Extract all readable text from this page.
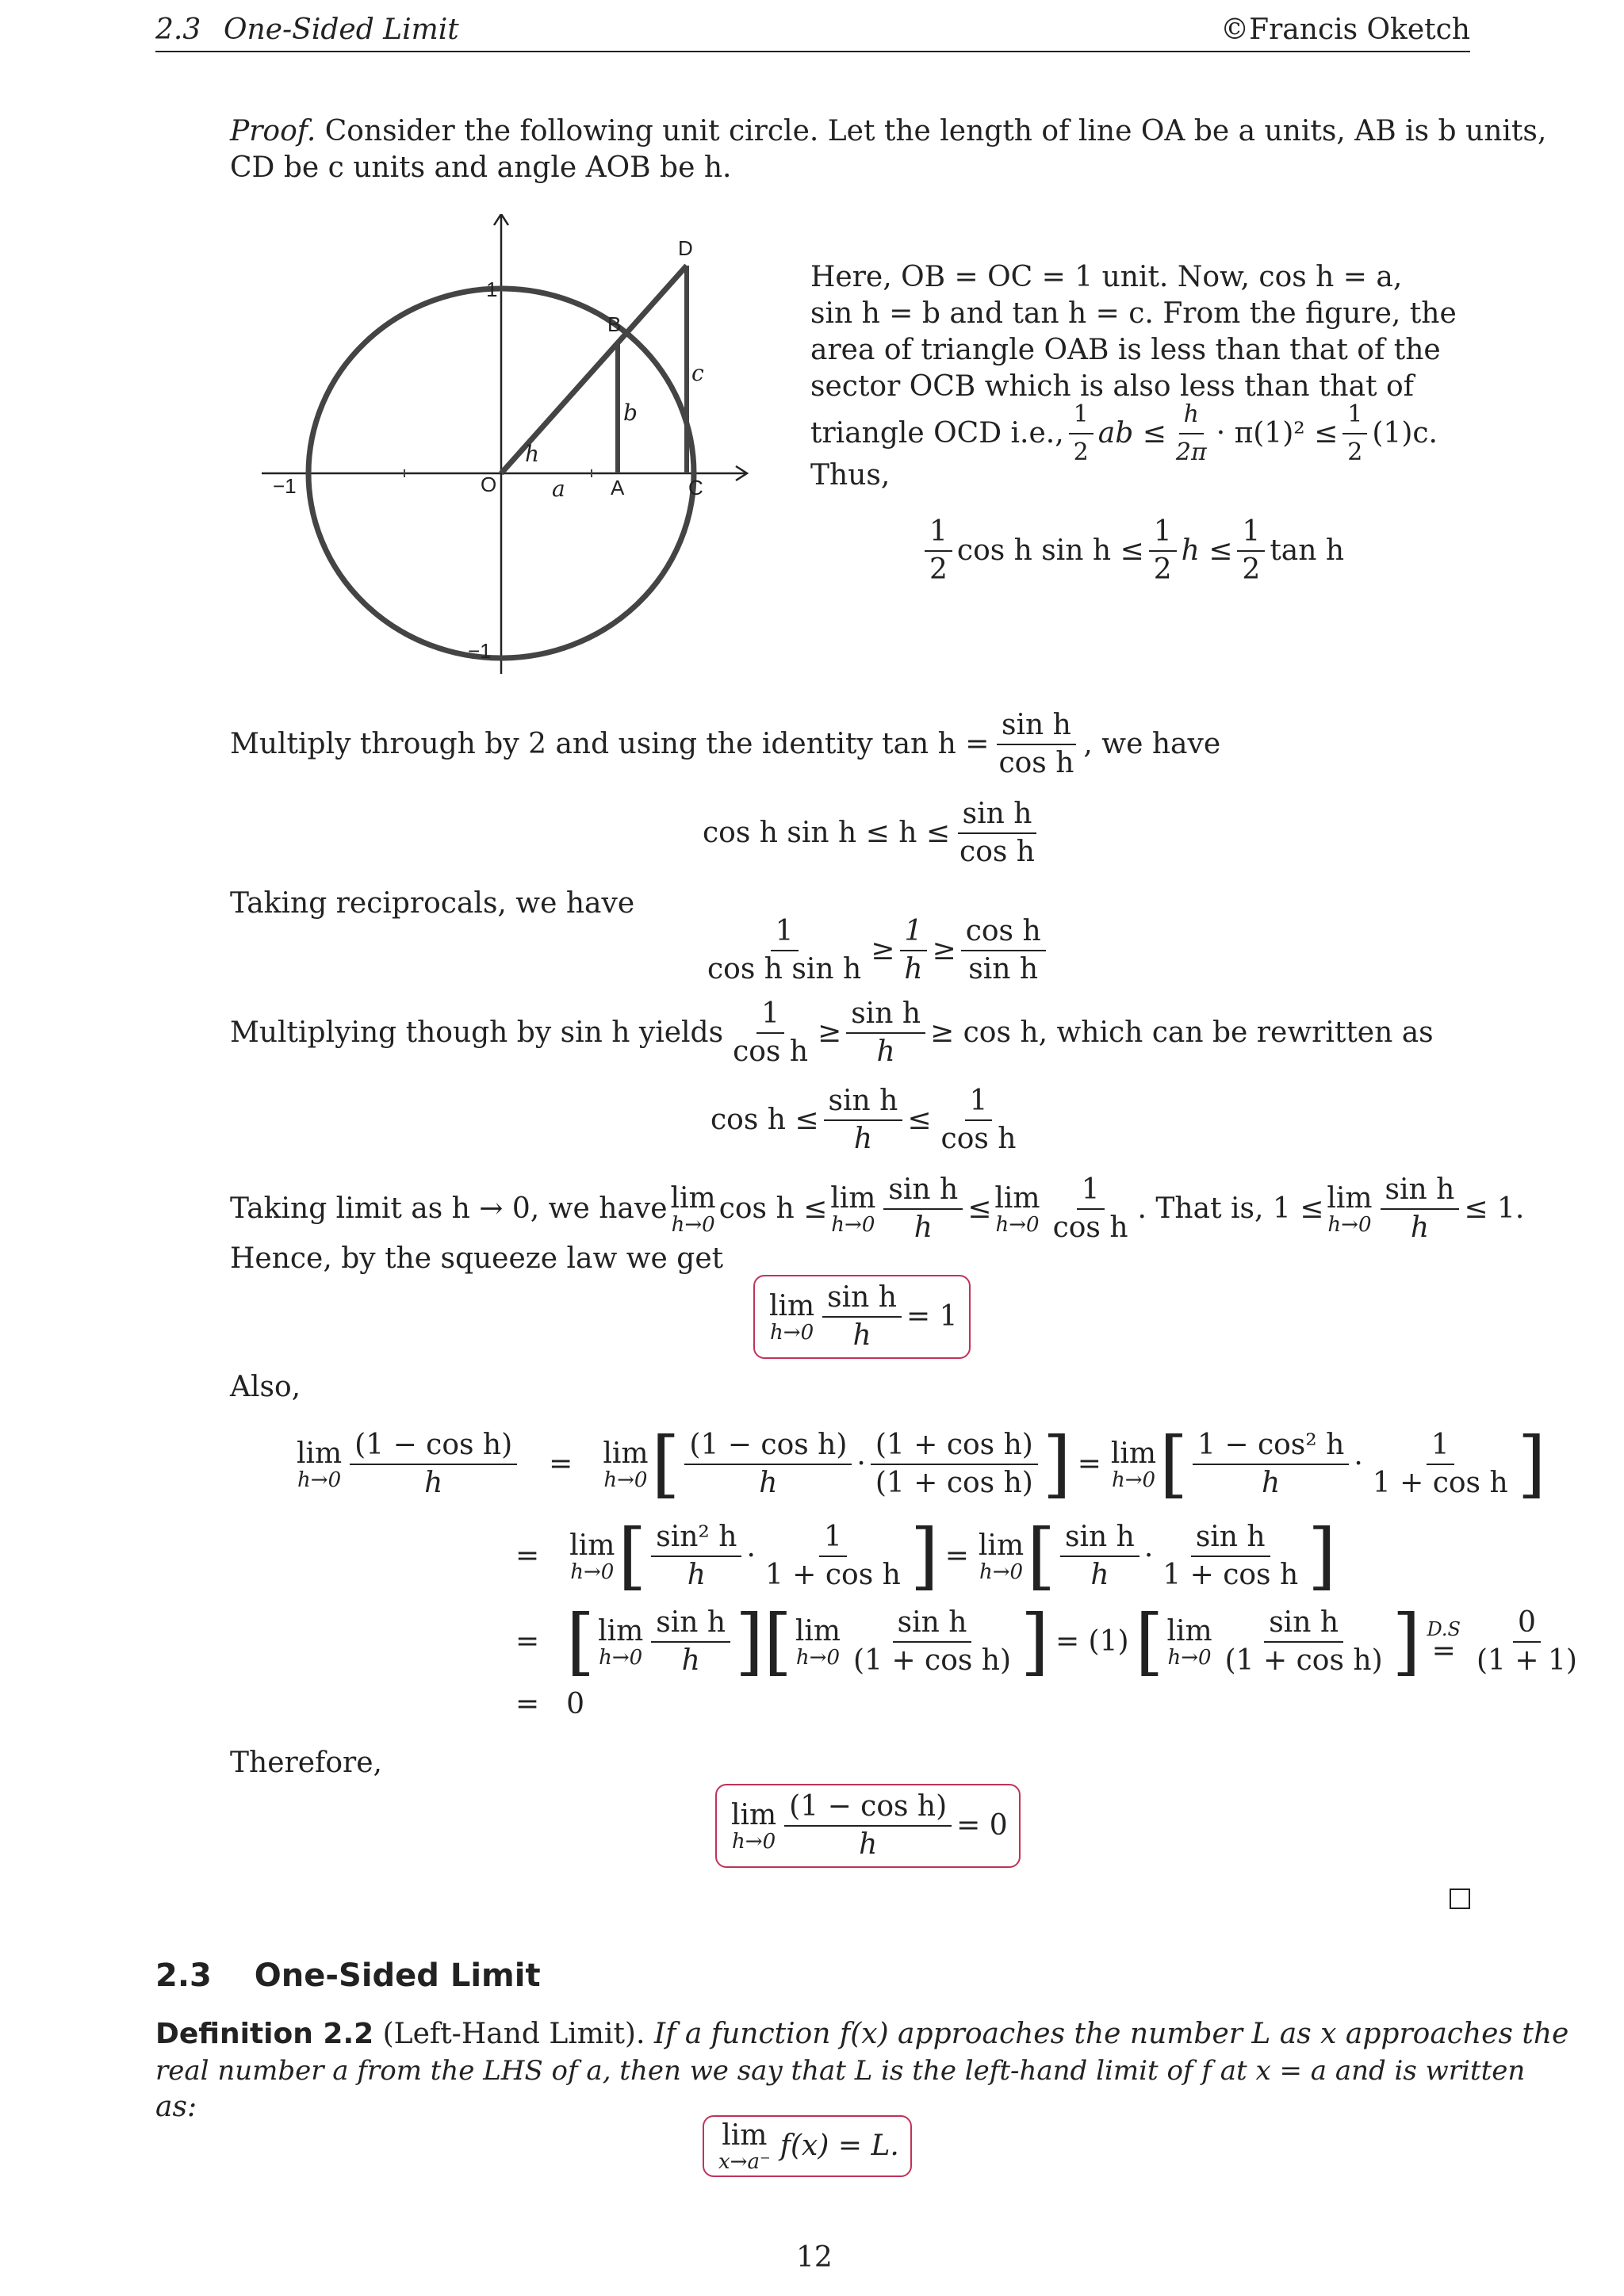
2.3 One-Sided Limit	©Francis Oketch
Proof. Consider the following unit circle. Let the length of line OA be a units, AB is b units,
CD be c units and angle AOB be h.
D
B
O	A	C
1
−1
−1
h
a
b
c
Here, OB = OC = 1 unit. Now, cos h = a,
sin h = b and tan h = c. From the figure, the
area of triangle OAB is less than that of the
sector OCB which is also less than that of
triangle OCD i.e., $\frac{1}{2}$ ab ≤ $\frac{h}{2\pi} \cdot \pi(1)^2 \le \frac{1}{2} (1)c$.
Thus,
$\frac{1}{2}$ cos h $\sin h \le \frac{1}{2}$ $h \le \frac{1}{2}$ tan h
Multiply through by 2 and using the identity $\tan h = \frac{\text{sin h}}{\text{cos h}}$ , we have
cos h $\sin h \le h \le \frac{\text{sin h}}{\text{cos h}}$
Taking reciprocals, we have
$\frac{1}{\text{cos h sin h}} \ge \frac{1}{h} \ge \frac{\text{cos h}}{\text{sin h}}$
Multiplying though by sin h yields $\frac{1}{\text{cos h}} \ge \frac{\text{sin h}}{h} \ge \cos h$, which can be rewritten as
$\cos h \le \frac{\text{sin h}}{h} \le \frac{1}{\text{cos h}}$
Taking limit as h → 0, we have lim
h→0 cos h ≤ lim
$h\to 0 \frac{\text{sin h}}{h} \le \lim$
$h\to 0 \frac{1}{\text{cos h}}$ . That is, 1 ≤ lim
$h\to 0 \frac{\text{sin h}}{h} \le 1$.
Hence, by the squeeze law we get
lim
$h\to 0 \frac{\text{sin h}}{h} = 1$
Also,
lim
$h\to 0 \frac{\text{(1 − cos h)}}{h} = \lim$
h→0 [ $\frac{\text{(1 − cos h)}}{h} \cdot \frac{\text{(1 + cos h)}}{\text{(1 + cos h)}}$ ] = lim
h→0 [ $\frac{\text{1 − cos² h}}{h} \cdot \frac{1}{\text{1 + cos h}}$ ]
= lim
h→0 [ $\frac{\text{sin² h}}{h} \cdot \frac{1}{\text{1 + cos h}}$ ] = lim
h→0 [ $\frac{\text{sin h}}{h} \cdot \frac{\text{sin h}}{\text{1 + cos h}}$ ]
= [ lim
$h\to 0 \frac{\text{sin h}}{h}$ ] [ lim
$h\to 0 \frac{\text{sin h}}{\text{(1 + cos h)}}$ ] = (1) [ lim
$h\to 0 \frac{\text{sin h}}{\text{(1 + cos h)}}$ ] D.S
= $\frac{0}{(1 + 1)}$
= 0
Therefore,
lim
$h\to 0 \frac{\text{(1 − cos h)}}{h} = 0$
2.3 One-Sided Limit
Definition 2.2 (Left-Hand Limit). If a function f(x) approaches the number L as x approaches the
real number a from the LHS of a, then we say that L is the left-hand limit of f at x = a and is written
as:
lim
x→a⁻ f(x) = L.
12
